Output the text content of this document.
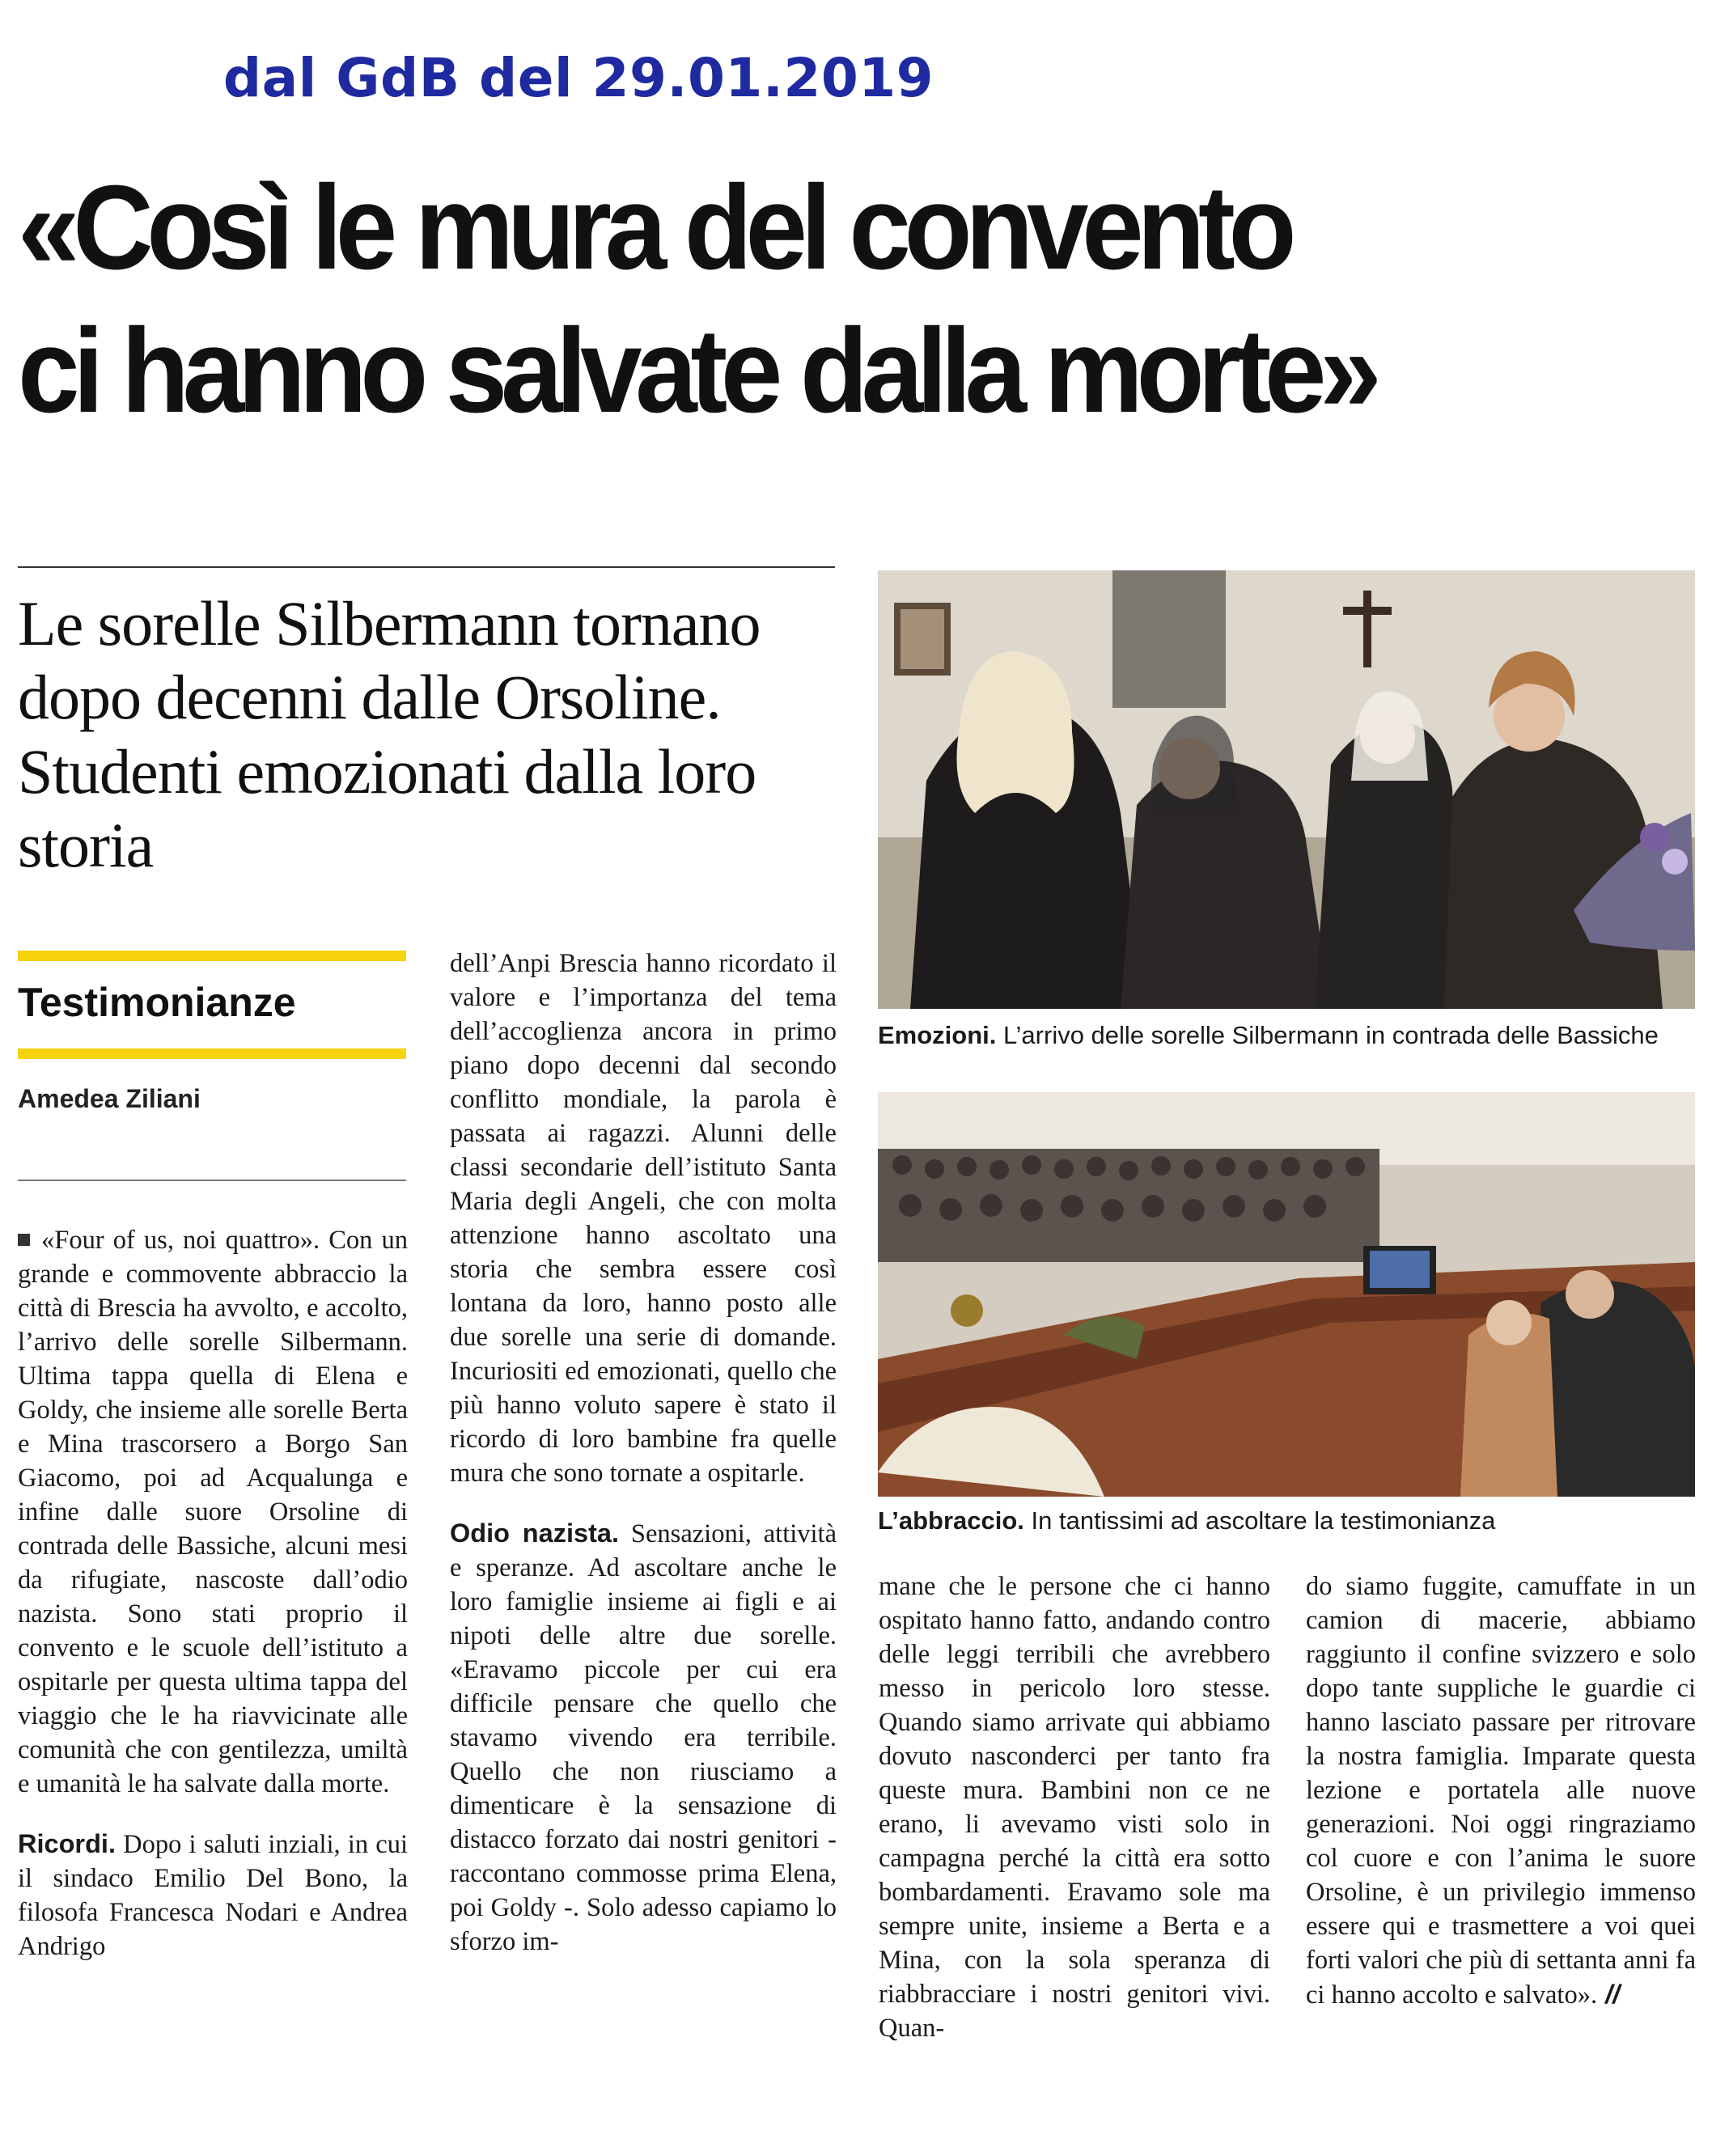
dal GdB del 29.01.2019
«Così le mura del convento
ci hanno salvate dalla morte»
Le sorelle Silbermann tornano dopo decenni dalle Orsoline. Studenti emozionati dalla loro storia
Testimonianze
Amedea Ziliani

«Four of us, noi quattro». Con un grande e commovente abbraccio la città di Brescia ha avvolto, e accolto, l’arrivo delle sorelle Silbermann. Ultima tappa quella di Elena e Goldy, che insieme alle sorelle Berta e Mina trascorsero a Borgo San Giacomo, poi ad Acqualunga e infine dalle suore Orsoline di contrada delle Bassiche, alcuni mesi da rifugiate, nascoste dall’odio nazista. Sono stati proprio il convento e le scuole dell’istituto a ospitarle per questa ultima tappa del viaggio che le ha riavvicinate alle comunità che con gentilezza, umiltà e umanità le ha salvate dalla morte.

Ricordi. Dopo i saluti inziali, in cui il sindaco Emilio Del Bono, la filosofa Francesca Nodari e Andrea Andrigo

dell’Anpi Brescia hanno ricordato il valore e l’importanza del tema dell’accoglienza ancora in primo piano dopo decenni dal secondo conflitto mondiale, la parola è passata ai ragazzi. Alunni delle classi secondarie dell’istituto Santa Maria degli Angeli, che con molta attenzione hanno ascoltato una storia che sembra essere così lontana da loro, hanno posto alle due sorelle una serie di domande. Incuriositi ed emozionati, quello che più hanno voluto sapere è stato il ricordo di loro bambine fra quelle mura che sono tornate a ospitarle.

Odio nazista. Sensazioni, attività e speranze. Ad ascoltare anche le loro famiglie insieme ai figli e ai nipoti delle altre due sorelle. «Eravamo piccole per cui era difficile pensare che quello che stavamo vivendo era terribile. Quello che non riusciamo a dimenticare è la sensazione di distacco forzato dai nostri genitori - raccontano commosse prima Elena, poi Goldy -. Solo adesso capiamo lo sforzo im-

Emozioni. L’arrivo delle sorelle Silbermann in contrada delle Bassiche
L’abbraccio. In tantissimi ad ascoltare la testimonianza

mane che le persone che ci hanno ospitato hanno fatto, andando contro delle leggi terribili che avrebbero messo in pericolo loro stesse. Quando siamo arrivate qui abbiamo dovuto nasconderci per tanto fra queste mura. Bambini non ce ne erano, li avevamo visti solo in campagna perché la città era sotto bombardamenti. Eravamo sole ma sempre unite, insieme a Berta e a Mina, con la sola speranza di riabbracciare i nostri genitori vivi. Quan-

do siamo fuggite, camuffate in un camion di macerie, abbiamo raggiunto il confine svizzero e solo dopo tante suppliche le guardie ci hanno lasciato passare per ritrovare la nostra famiglia. Imparate questa lezione e portatela alle nuove generazioni. Noi oggi ringraziamo col cuore e con l’anima le suore Orsoline, è un privilegio immenso essere qui e trasmettere a voi quei forti valori che più di settanta anni fa ci hanno accolto e salvato». //
